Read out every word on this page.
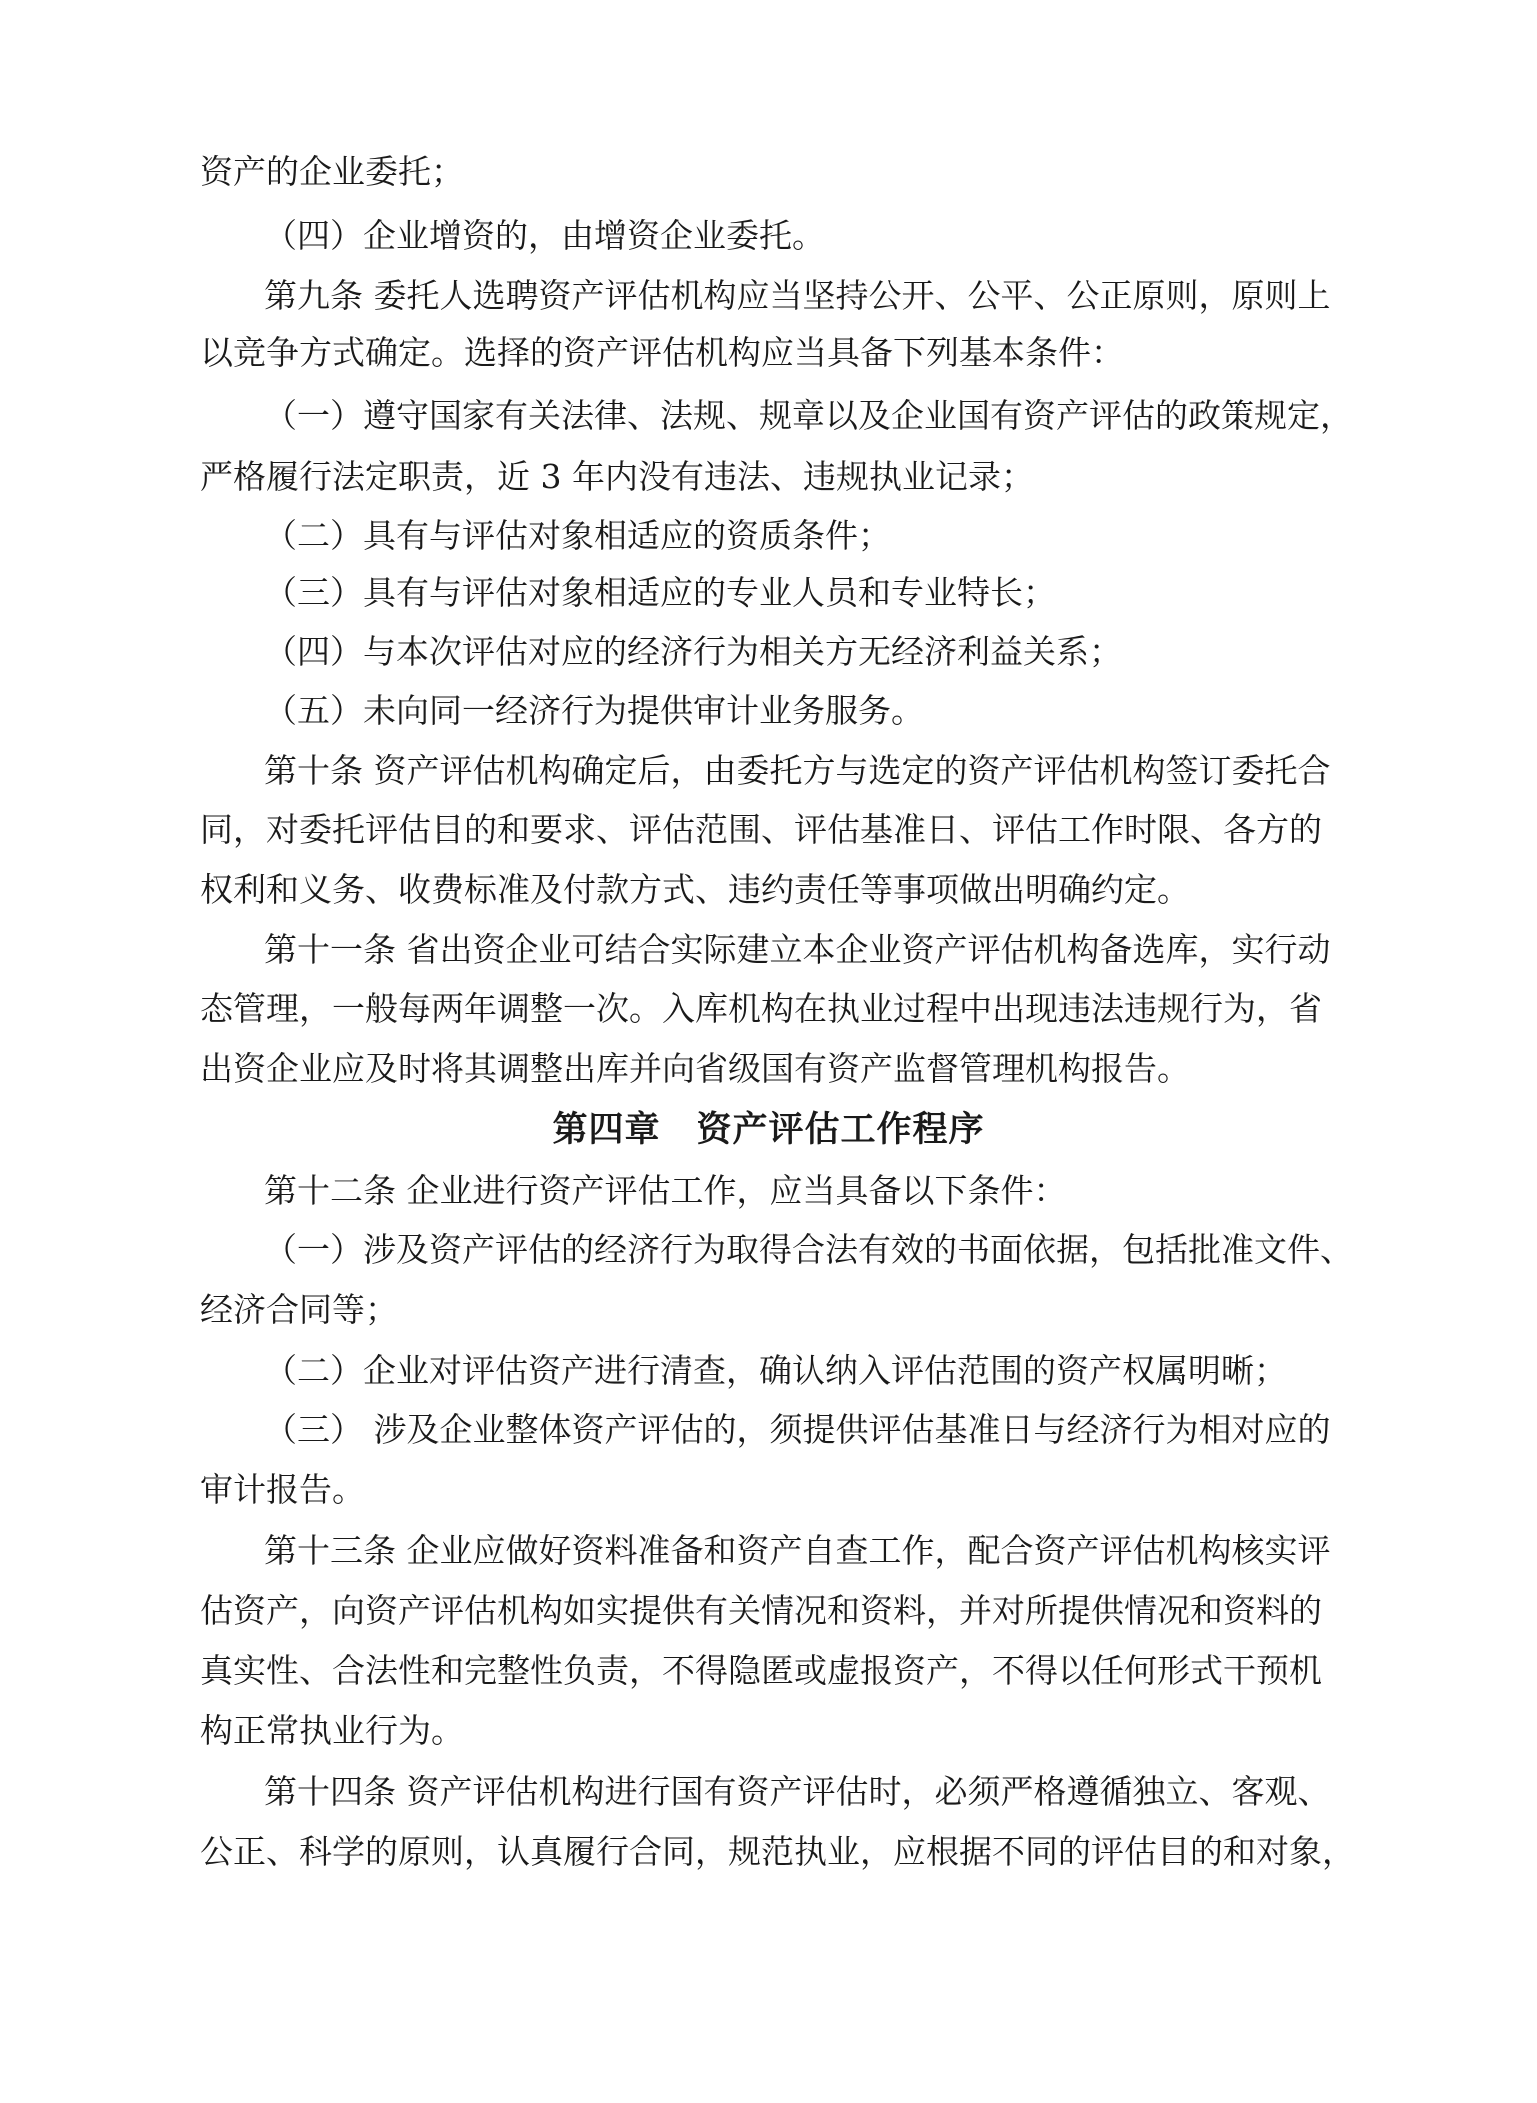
资产的企业委托；
（四）企业增资的，由增资企业委托。
第九条 委托人选聘资产评估机构应当坚持公开、公平、公正原则，原则上
以竞争方式确定。选择的资产评估机构应当具备下列基本条件：
（一）遵守国家有关法律、法规、规章以及企业国有资产评估的政策规定，
严格履行法定职责，近 3 年内没有违法、违规执业记录；
（二）具有与评估对象相适应的资质条件；
（三）具有与评估对象相适应的专业人员和专业特长；
（四）与本次评估对应的经济行为相关方无经济利益关系；
（五）未向同一经济行为提供审计业务服务。
第十条 资产评估机构确定后，由委托方与选定的资产评估机构签订委托合
同，对委托评估目的和要求、评估范围、评估基准日、评估工作时限、各方的
权利和义务、收费标准及付款方式、违约责任等事项做出明确约定。
第十一条 省出资企业可结合实际建立本企业资产评估机构备选库，实行动
态管理，一般每两年调整一次。入库机构在执业过程中出现违法违规行为，省
出资企业应及时将其调整出库并向省级国有资产监督管理机构报告。
第四章　资产评估工作程序
第十二条 企业进行资产评估工作，应当具备以下条件：
（一）涉及资产评估的经济行为取得合法有效的书面依据，包括批准文件、
经济合同等；
（二）企业对评估资产进行清查，确认纳入评估范围的资产权属明晰；
（三） 涉及企业整体资产评估的，须提供评估基准日与经济行为相对应的
审计报告。
第十三条 企业应做好资料准备和资产自查工作，配合资产评估机构核实评
估资产，向资产评估机构如实提供有关情况和资料，并对所提供情况和资料的
真实性、合法性和完整性负责，不得隐匿或虚报资产，不得以任何形式干预机
构正常执业行为。
第十四条 资产评估机构进行国有资产评估时，必须严格遵循独立、客观、
公正、科学的原则，认真履行合同，规范执业，应根据不同的评估目的和对象，
